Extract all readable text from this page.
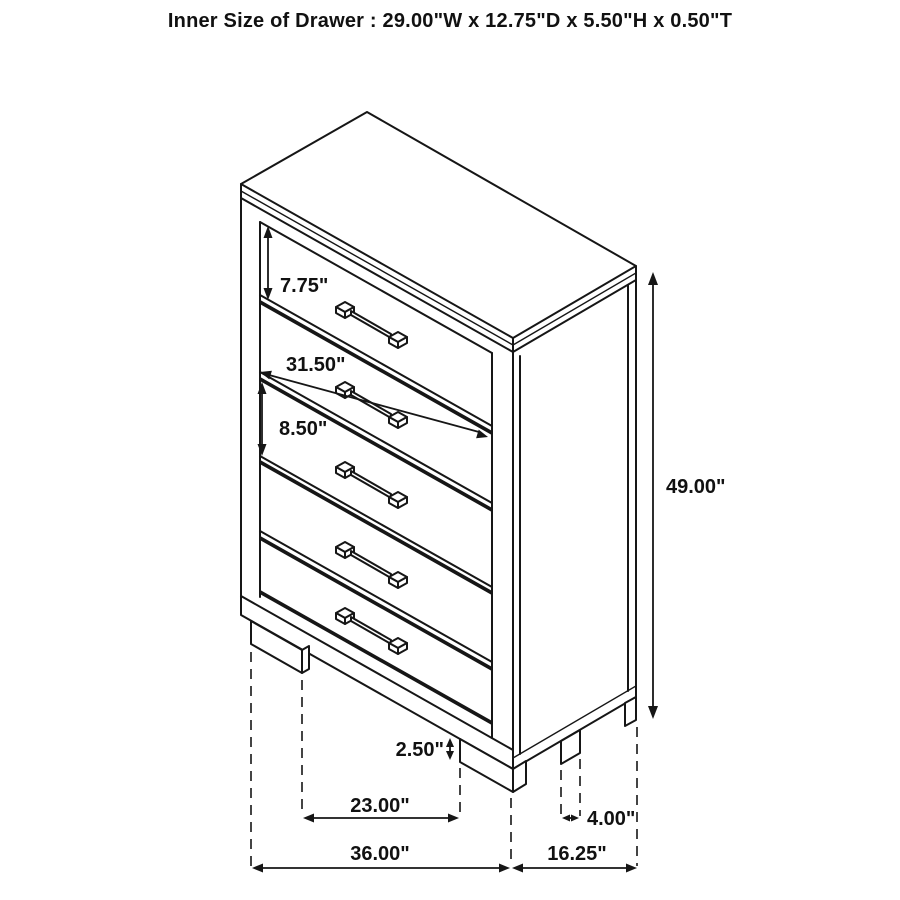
Inner Size of Drawer : 29.00"W x 12.75"D x 5.50"H x 0.50"T
7.75"
31.50"
8.50"
49.00"
2.50"
23.00"
4.00"
36.00"	16.25"
